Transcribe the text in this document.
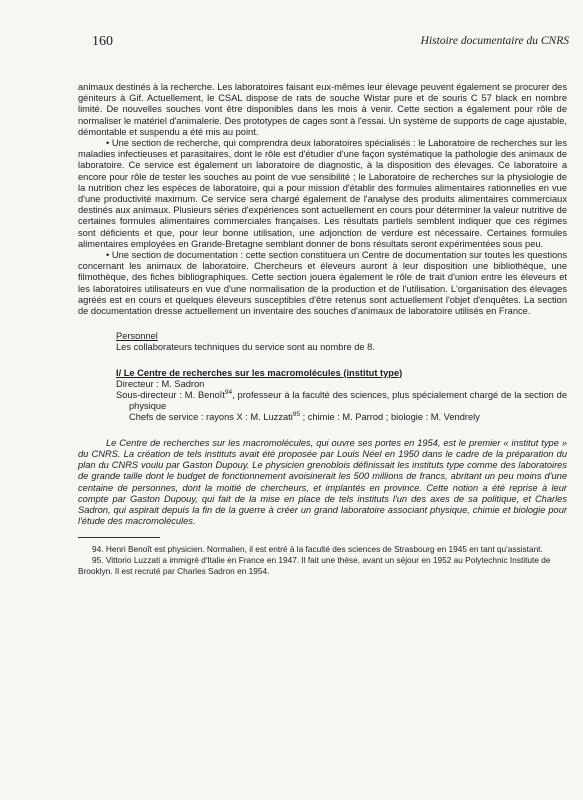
160	Histoire documentaire du CNRS

animaux destinés à la recherche. Les laboratoires faisant eux-mêmes leur élevage peuvent également se procurer des géniteurs à Gif. Actuellement, le CSAL dispose de rats de souche Wistar pure et de souris C 57 black en nombre limité. De nouvelles souches vont être disponibles dans les mois à venir. Cette section a également pour rôle de normaliser le matériel d'animalerie. Des prototypes de cages sont à l'essai. Un système de supports de cage ajustable, démontable et suspendu a été mis au point.

• Une section de recherche, qui comprendra deux laboratoires spécialisés : le Laboratoire de recherches sur les maladies infectieuses et parasitaires, dont le rôle est d'étudier d'une façon systématique la pathologie des animaux de laboratoire. Ce service est également un laboratoire de diagnostic, à la disposition des élevages. Ce laboratoire a encore pour rôle de tester les souches au point de vue sensibilité ; le Laboratoire de recherches sur la physiologie de la nutrition chez les espèces de laboratoire, qui a pour mission d'établir des formules alimentaires rationnelles en vue d'une productivité maximum. Ce service sera chargé également de l'analyse des produits alimentaires commerciaux destinés aux animaux. Plusieurs séries d'expériences sont actuellement en cours pour déterminer la valeur nutritive de certaines formules alimentaires commerciales françaises. Les résultats partiels semblent indiquer que ces régimes sont déficients et que, pour leur bonne utilisation, une adjonction de verdure est nécessaire. Certaines formules alimentaires employées en Grande-Bretagne semblant donner de bons résultats seront expérimentées sous peu.

• Une section de documentation : cette section constituera un Centre de documentation sur toutes les questions concernant les animaux de laboratoire. Chercheurs et éleveurs auront à leur disposition une bibliothèque, une filmothèque, des fiches bibliographiques. Cette section jouera également le rôle de trait d'union entre les éleveurs et les laboratoires utilisateurs en vue d'une normalisation de la production et de l'utilisation. L'organisation des élevages agréés est en cours et quelques éleveurs susceptibles d'être retenus sont actuellement l'objet d'enquêtes. La section de documentation dresse actuellement un inventaire des souches d'animaux de laboratoire utilisés en France.

Personnel

Les collaborateurs techniques du service sont au nombre de 8.

I/ Le Centre de recherches sur les macromolécules (institut type)

Directeur : M. Sadron

Sous-directeur : M. Benoît$^{94}$, professeur à la faculté des sciences, plus spécialement chargé de la section de physique

Chefs de service : rayons X : M. Luzzati$^{95}$ ; chimie : M. Parrod ; biologie : M. Vendrely

Le Centre de recherches sur les macromolécules, qui ouvre ses portes en 1954, est le premier « institut type » du CNRS. La création de tels instituts avait été proposée par Louis Néel en 1950 dans le cadre de la préparation du plan du CNRS voulu par Gaston Dupouy. Le physicien grenoblois définissait les instituts type comme des laboratoires de grande taille dont le budget de fonctionnement avoisinerait les 500 millions de francs, abritant un peu moins d'une centaine de personnes, dont la moitié de chercheurs, et implantés en province. Cette notion a été reprise à leur compte par Gaston Dupouy, qui fait de la mise en place de tels instituts l'un des axes de sa politique, et Charles Sadron, qui aspirait depuis la fin de la guerre à créer un grand laboratoire associant physique, chimie et biologie pour l'étude des macromolécules.

94. Henri Benoît est physicien. Normalien, il est entré à la faculté des sciences de Strasbourg en 1945 en tant qu'assistant.

95. Vittorio Luzzati a immigré d'Italie en France en 1947. Il fait une thèse, avant un séjour en 1952 au Polytechnic Institute de Brooklyn. Il est recruté par Charles Sadron en 1954.
